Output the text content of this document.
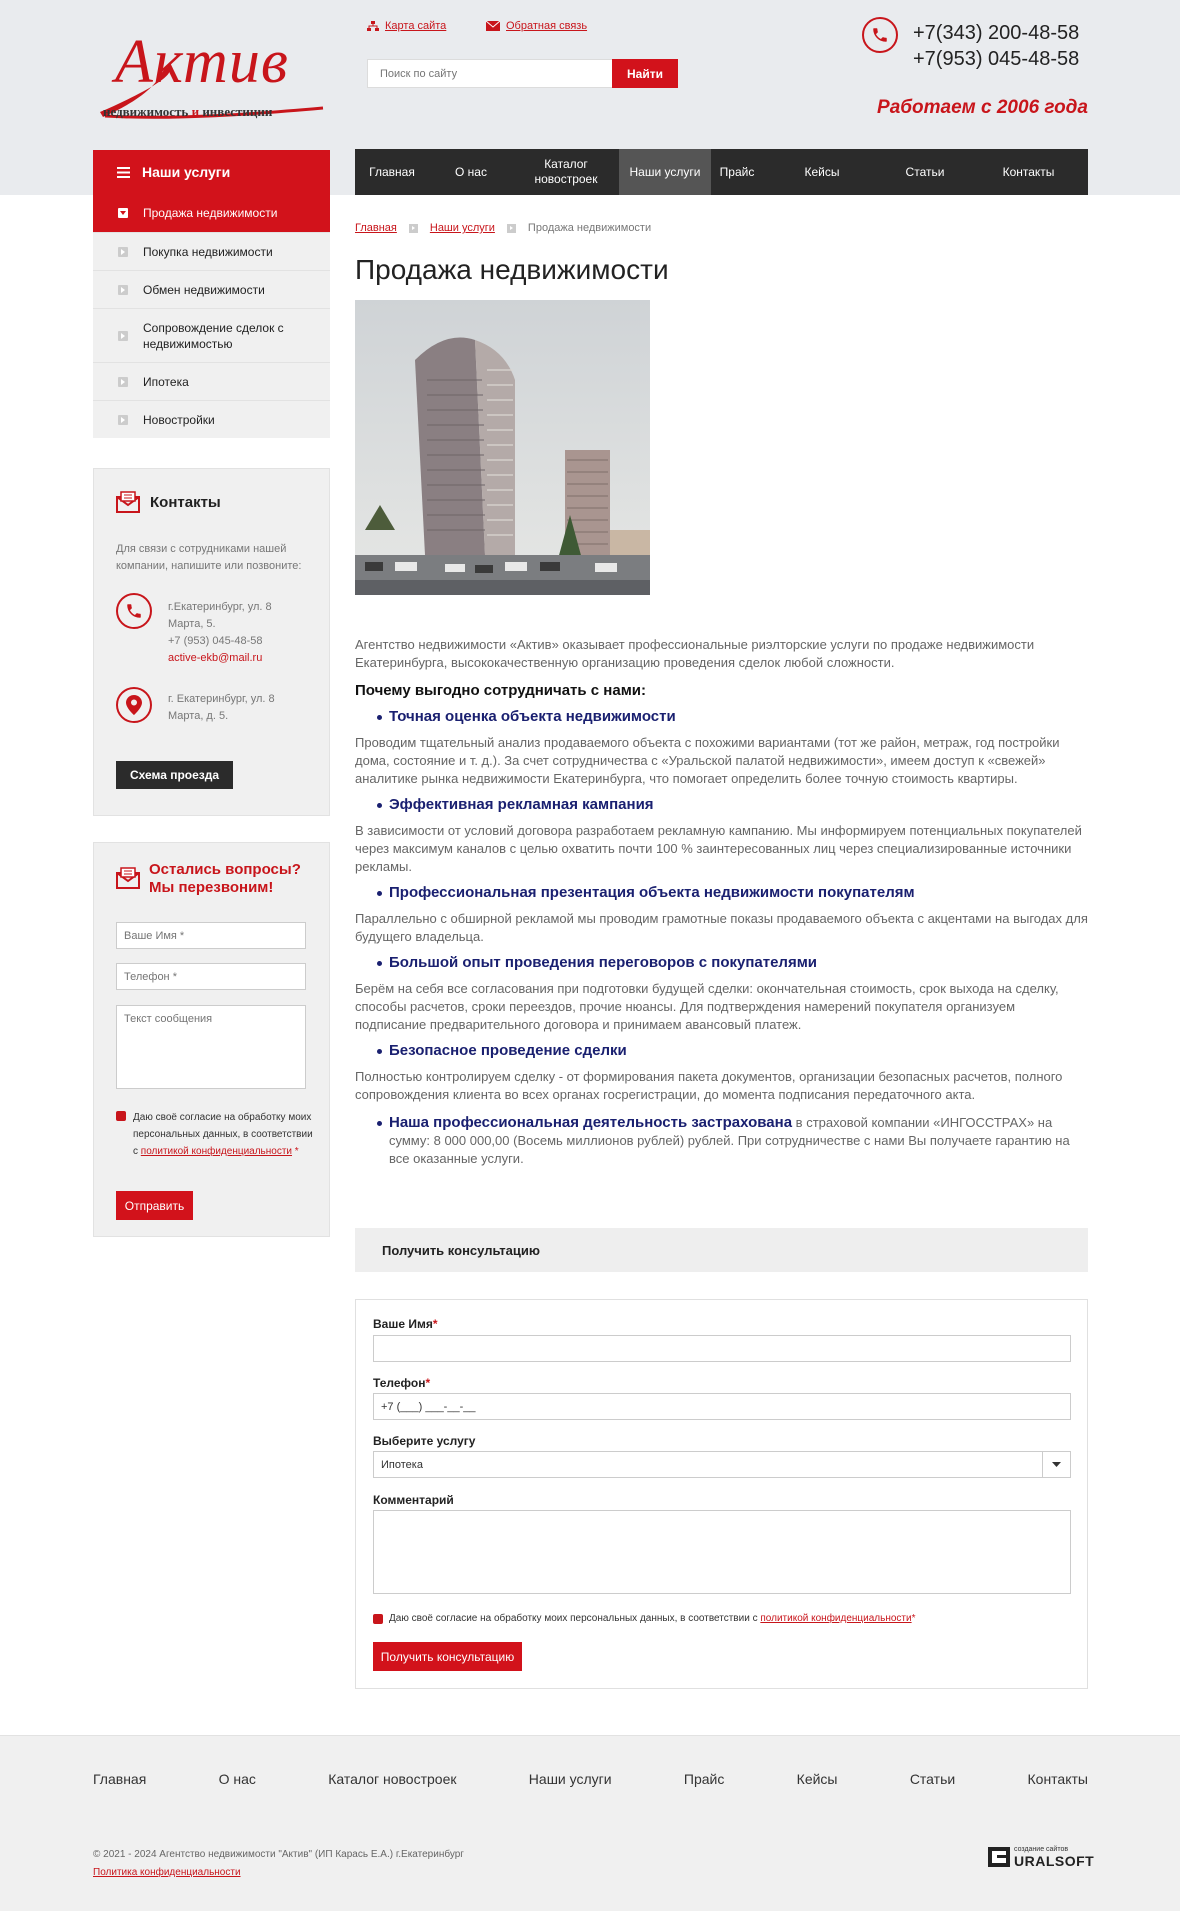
Актив
недвижимость и инвестиции
Карта сайта	Обратная связь
Поиск по сайту
Найти
+7(343) 200-48-58
+7(953) 045-48-58
Работаем с 2006 года
Главная	О нас
Каталог новостроек
Наши услуги	Прайс	Кейсы	Статьи	Контакты
Наши услуги
Продажа недвижимости
Покупка недвижимости
Обмен недвижимости
Сопровождение сделок с недвижимостью
Ипотека
Новостройки
Контакты
Для связи с сотрудниками нашей компании, напишите или позвоните:
г.Екатеринбург, ул. 8 Марта, 5.
+7 (953) 045-48-58
active-ekb@mail.ru
г. Екатеринбург, ул. 8 Марта, д. 5.
Схема проезда
Остались вопросы? Мы перезвоним!
Ваше Имя *
Телефон *
Текст сообщения
Даю своё согласие на обработку моих персональных данных, в соответствии с политикой конфиденциальности *
Отправить
Главная	Наши услуги	Продажа недвижимости
Продажа недвижимости

Агентство недвижимости «Актив» оказывает профессиональные риэлторские услуги по продаже недвижимости Екатеринбурга, высококачественную организацию проведения сделок любой сложности.

Почему выгодно сотрудничать с нами:
Точная оценка объекта недвижимости

Проводим тщательный анализ продаваемого объекта с похожими вариантами (тот же район, метраж, год постройки дома, состояние и т. д.). За счет сотрудничества с «Уральской палатой недвижимости», имеем доступ к «свежей» аналитике рынка недвижимости Екатеринбурга, что помогает определить более точную стоимость квартиры.

Эффективная рекламная кампания

В зависимости от условий договора разработаем рекламную кампанию. Мы информируем потенциальных покупателей через максимум каналов с целью охватить почти 100 % заинтересованных лиц через специализированные источники рекламы.

Профессиональная презентация объекта недвижимости покупателям

Параллельно с обширной рекламой мы проводим грамотные показы продаваемого объекта с акцентами на выгодах для будущего владельца.

Большой опыт проведения переговоров с покупателями

Берём на себя все согласования при подготовки будущей сделки: окончательная стоимость, срок выхода на сделку, способы расчетов, сроки переездов, прочие нюансы. Для подтверждения намерений покупателя организуем подписание предварительного договора и принимаем авансовый платеж.

Безопасное проведение сделки

Полностью контролируем сделку - от формирования пакета документов, организации безопасных расчетов, полного сопровождения клиента во всех органах госрегистрации, до момента подписания передаточного акта.

Наша профессиональная деятельность застрахована в страховой компании «ИНГОССТРАХ» на сумму: 8 000 000,00 (Восемь миллионов рублей) рублей. При сотрудничестве с нами Вы получаете гарантию на все оказанные услуги.
Получить консультацию
Ваше Имя*
Телефон*
+7 (___) ___-__-__
Выберите услугу
Ипотека
Комментарий
Даю своё согласие на обработку моих персональных данных, в соответствии с политикой конфиденциальности*
Получить консультацию
Главная	О нас	Каталог новостроек	Наши услуги	Прайс	Кейсы	Статьи	Контакты
© 2021 - 2024 Агентство недвижимости "Актив" (ИП Карась Е.А.) г.Екатеринбург
Политика конфиденциальности
создание сайтов
URALSOFT
